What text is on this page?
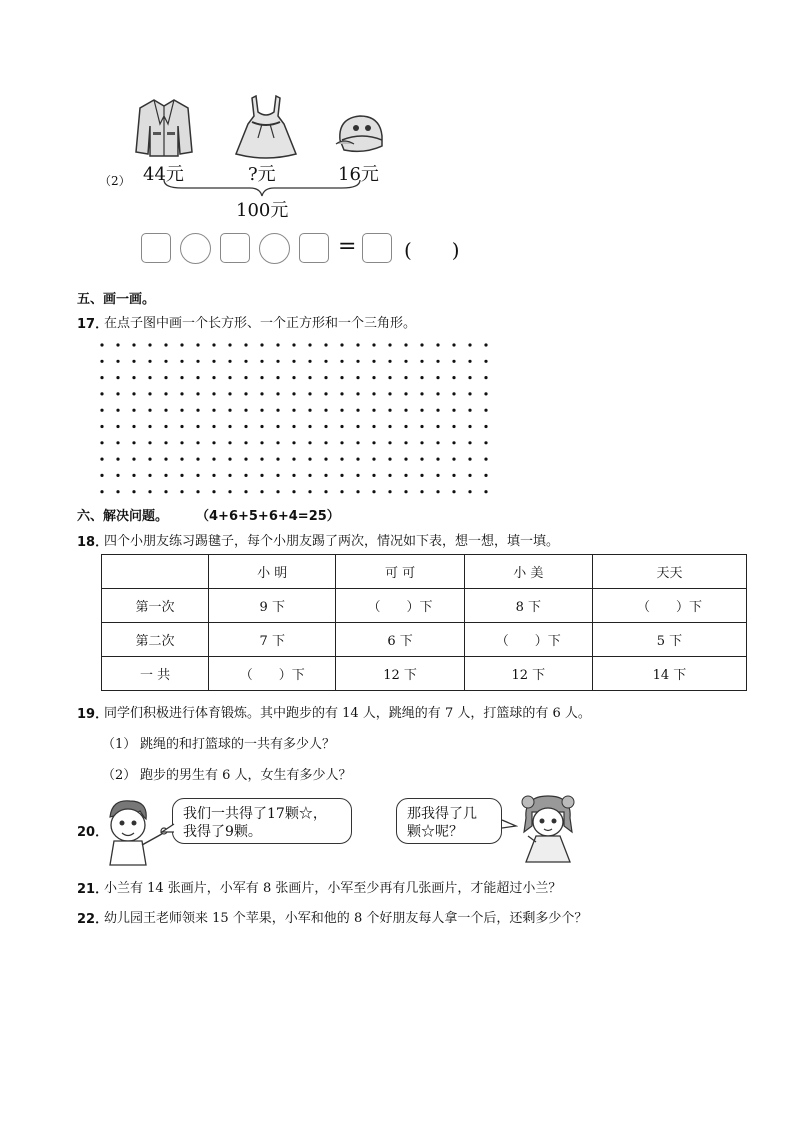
（2） 44元	?元	16元
100元
= (　　)
五、画一画。
17．
在点子图中画一个长方形、一个正方形和一个三角形。
六、解决问题。 （4+6+5+6+4=25）
18．
四个小朋友练习踢毽子，每个小朋友踢了两次，情况如下表，想一想，填一填。
	小 明	可 可	小 美	天天
第一次	9 下	（　　）下	8 下	（　　）下
第二次	7 下	6 下	（　　）下	5 下
一 共	（　　）下	12 下	12 下	14 下
19．
同学们积极进行体育锻炼。其中跑步的有 14 人，跳绳的有 7 人，打篮球的有 6 人。
（1） 跳绳的和打篮球的一共有多少人？
（2） 跑步的男生有 6 人，女生有多少人？
20．
我们一共得了17颗☆，
我得了9颗。
那我得了几
颗☆呢？
21．
小兰有 14 张画片，小军有 8 张画片，小军至少再有几张画片，才能超过小兰？
22．
幼儿园王老师领来 15 个苹果，小军和他的 8 个好朋友每人拿一个后，还剩多少个？
